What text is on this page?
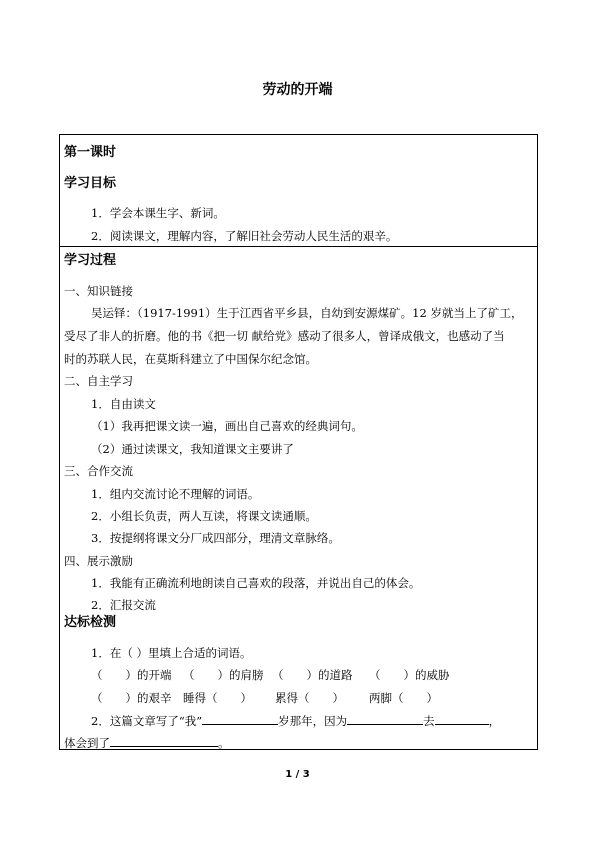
劳动的开端
第一课时
学习目标
1．学会本课生字、新词。
2．阅读课文，理解内容，了解旧社会劳动人民生活的艰辛。
学习过程
一、知识链接
吴运铎：（1917-1991）生于江西省平乡县，自幼到安源煤矿。12 岁就当上了矿工，
受尽了非人的折磨。他的书《把一切 献给党》感动了很多人，曾译成俄文，也感动了当
时的苏联人民，在莫斯科建立了中国保尔纪念馆。
二、自主学习
1．自由读文
（1）我再把课文读一遍，画出自己喜欢的经典词句。
（2）通过读课文，我知道课文主要讲了
三、合作交流
1．组内交流讨论不理解的词语。
2．小组长负责，两人互读，将课文读通顺。
3．按提纲将课文分厂成四部分，理清文章脉络。
四、展示激励
1．我能有正确流利地朗读自己喜欢的段落，并说出自己的体会。
2．汇报交流
达标检测
1．在（ ）里填上合适的词语。
（　　）的开端 （　　）的肩膀 （　　）的道路 （　　）的威胁
（　　）的艰辛 睡得（　　） 累得（　　） 两脚（　　）
2．这篇文章写了“我”	岁那年，因为	去	，
体会到了	。
1 / 3
